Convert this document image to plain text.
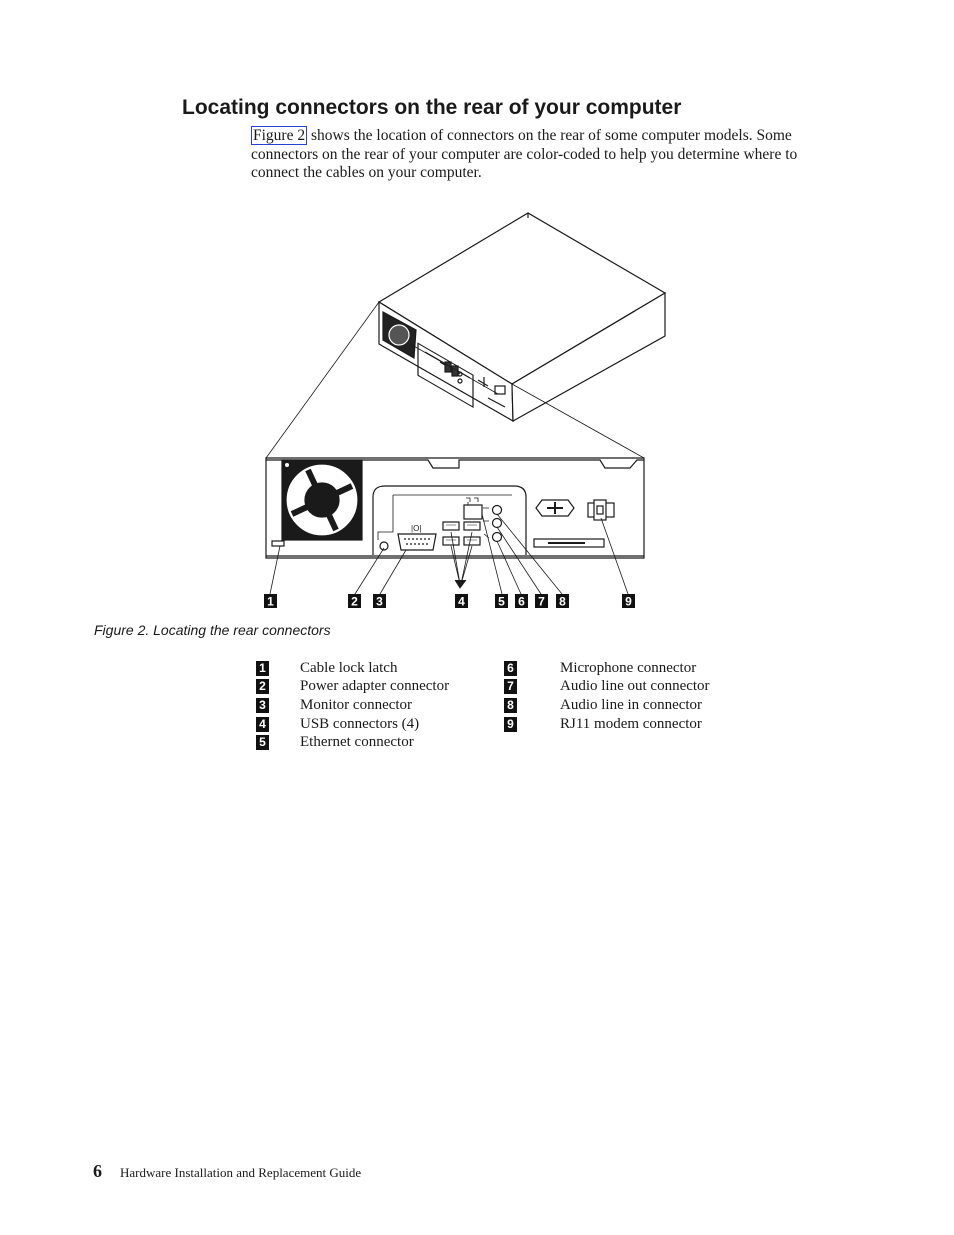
Locating connectors on the rear of your computer

Figure 2 shows the location of connectors on the rear of some computer models. Some connectors on the rear of your computer are color-coded to help you determine where to connect the cables on your computer.

|O|
1	2 3	4	5 6 7 8	9

Figure 2. Locating the rear connectors

1 Cable lock latch
2 Power adapter connector
3 Monitor connector
4 USB connectors (4)
5 Ethernet connector
6	Microphone connector
7	Audio line out connector
8	Audio line in connector
9	RJ11 modem connector
6 Hardware Installation and Replacement Guide
